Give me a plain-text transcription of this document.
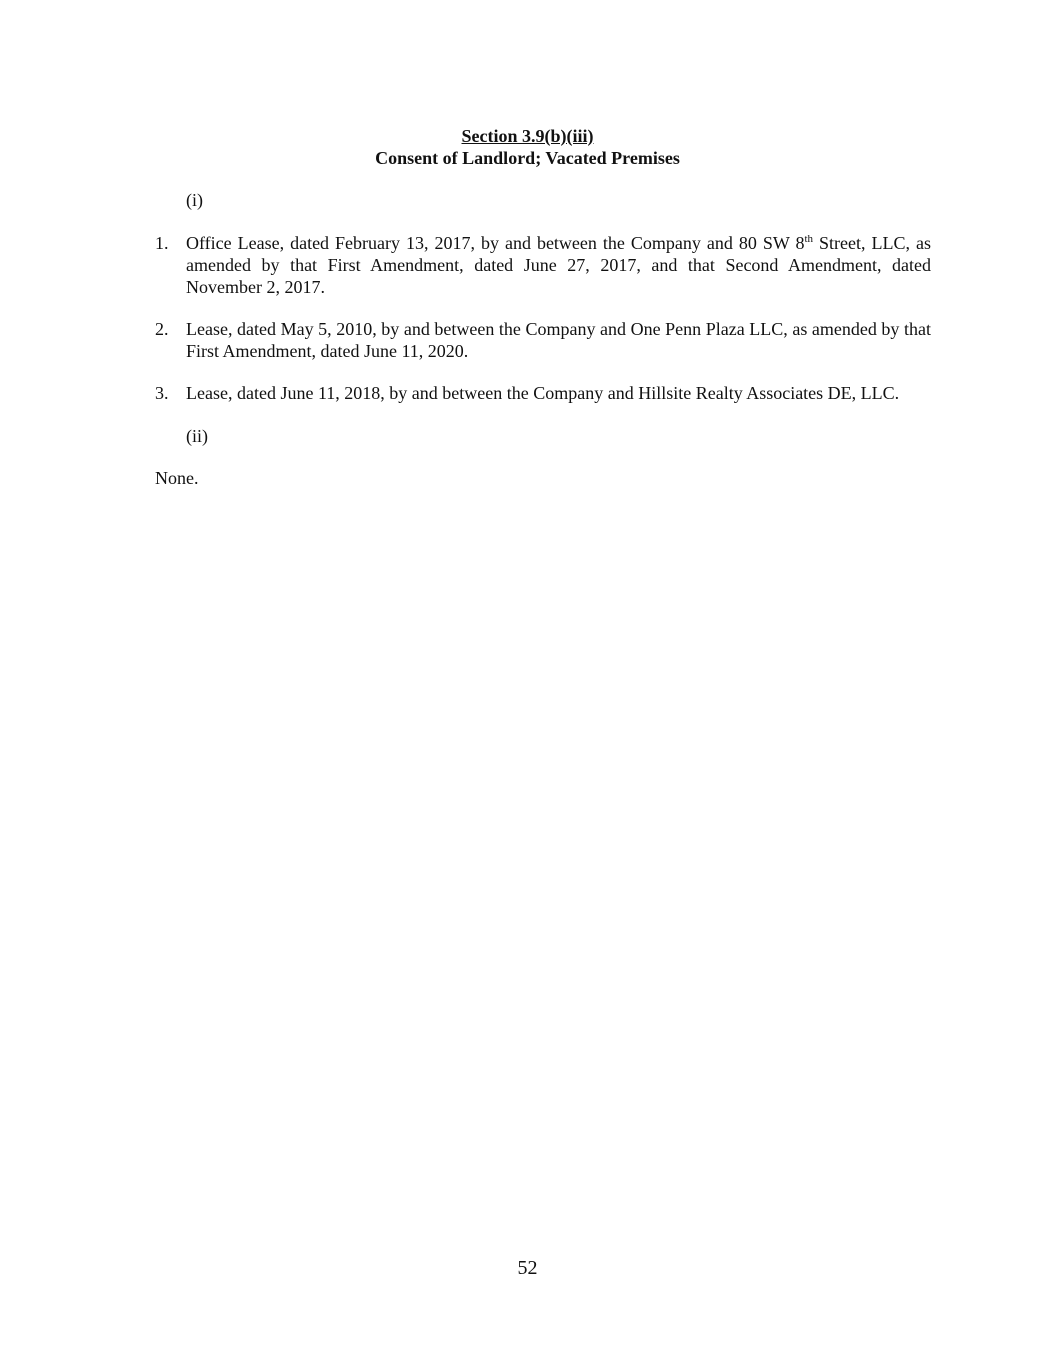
Section 3.9(b)(iii)
Consent of Landlord; Vacated Premises
(i)
1. Office Lease, dated February 13, 2017, by and between the Company and 80 SW 8th Street, LLC, as amended by that First Amendment, dated June 27, 2017, and that Second Amendment, dated November 2, 2017.
2. Lease, dated May 5, 2010, by and between the Company and One Penn Plaza LLC, as amended by that First Amendment, dated June 11, 2020.
3. Lease, dated June 11, 2018, by and between the Company and Hillsite Realty Associates DE, LLC.
(ii)
None.
52
